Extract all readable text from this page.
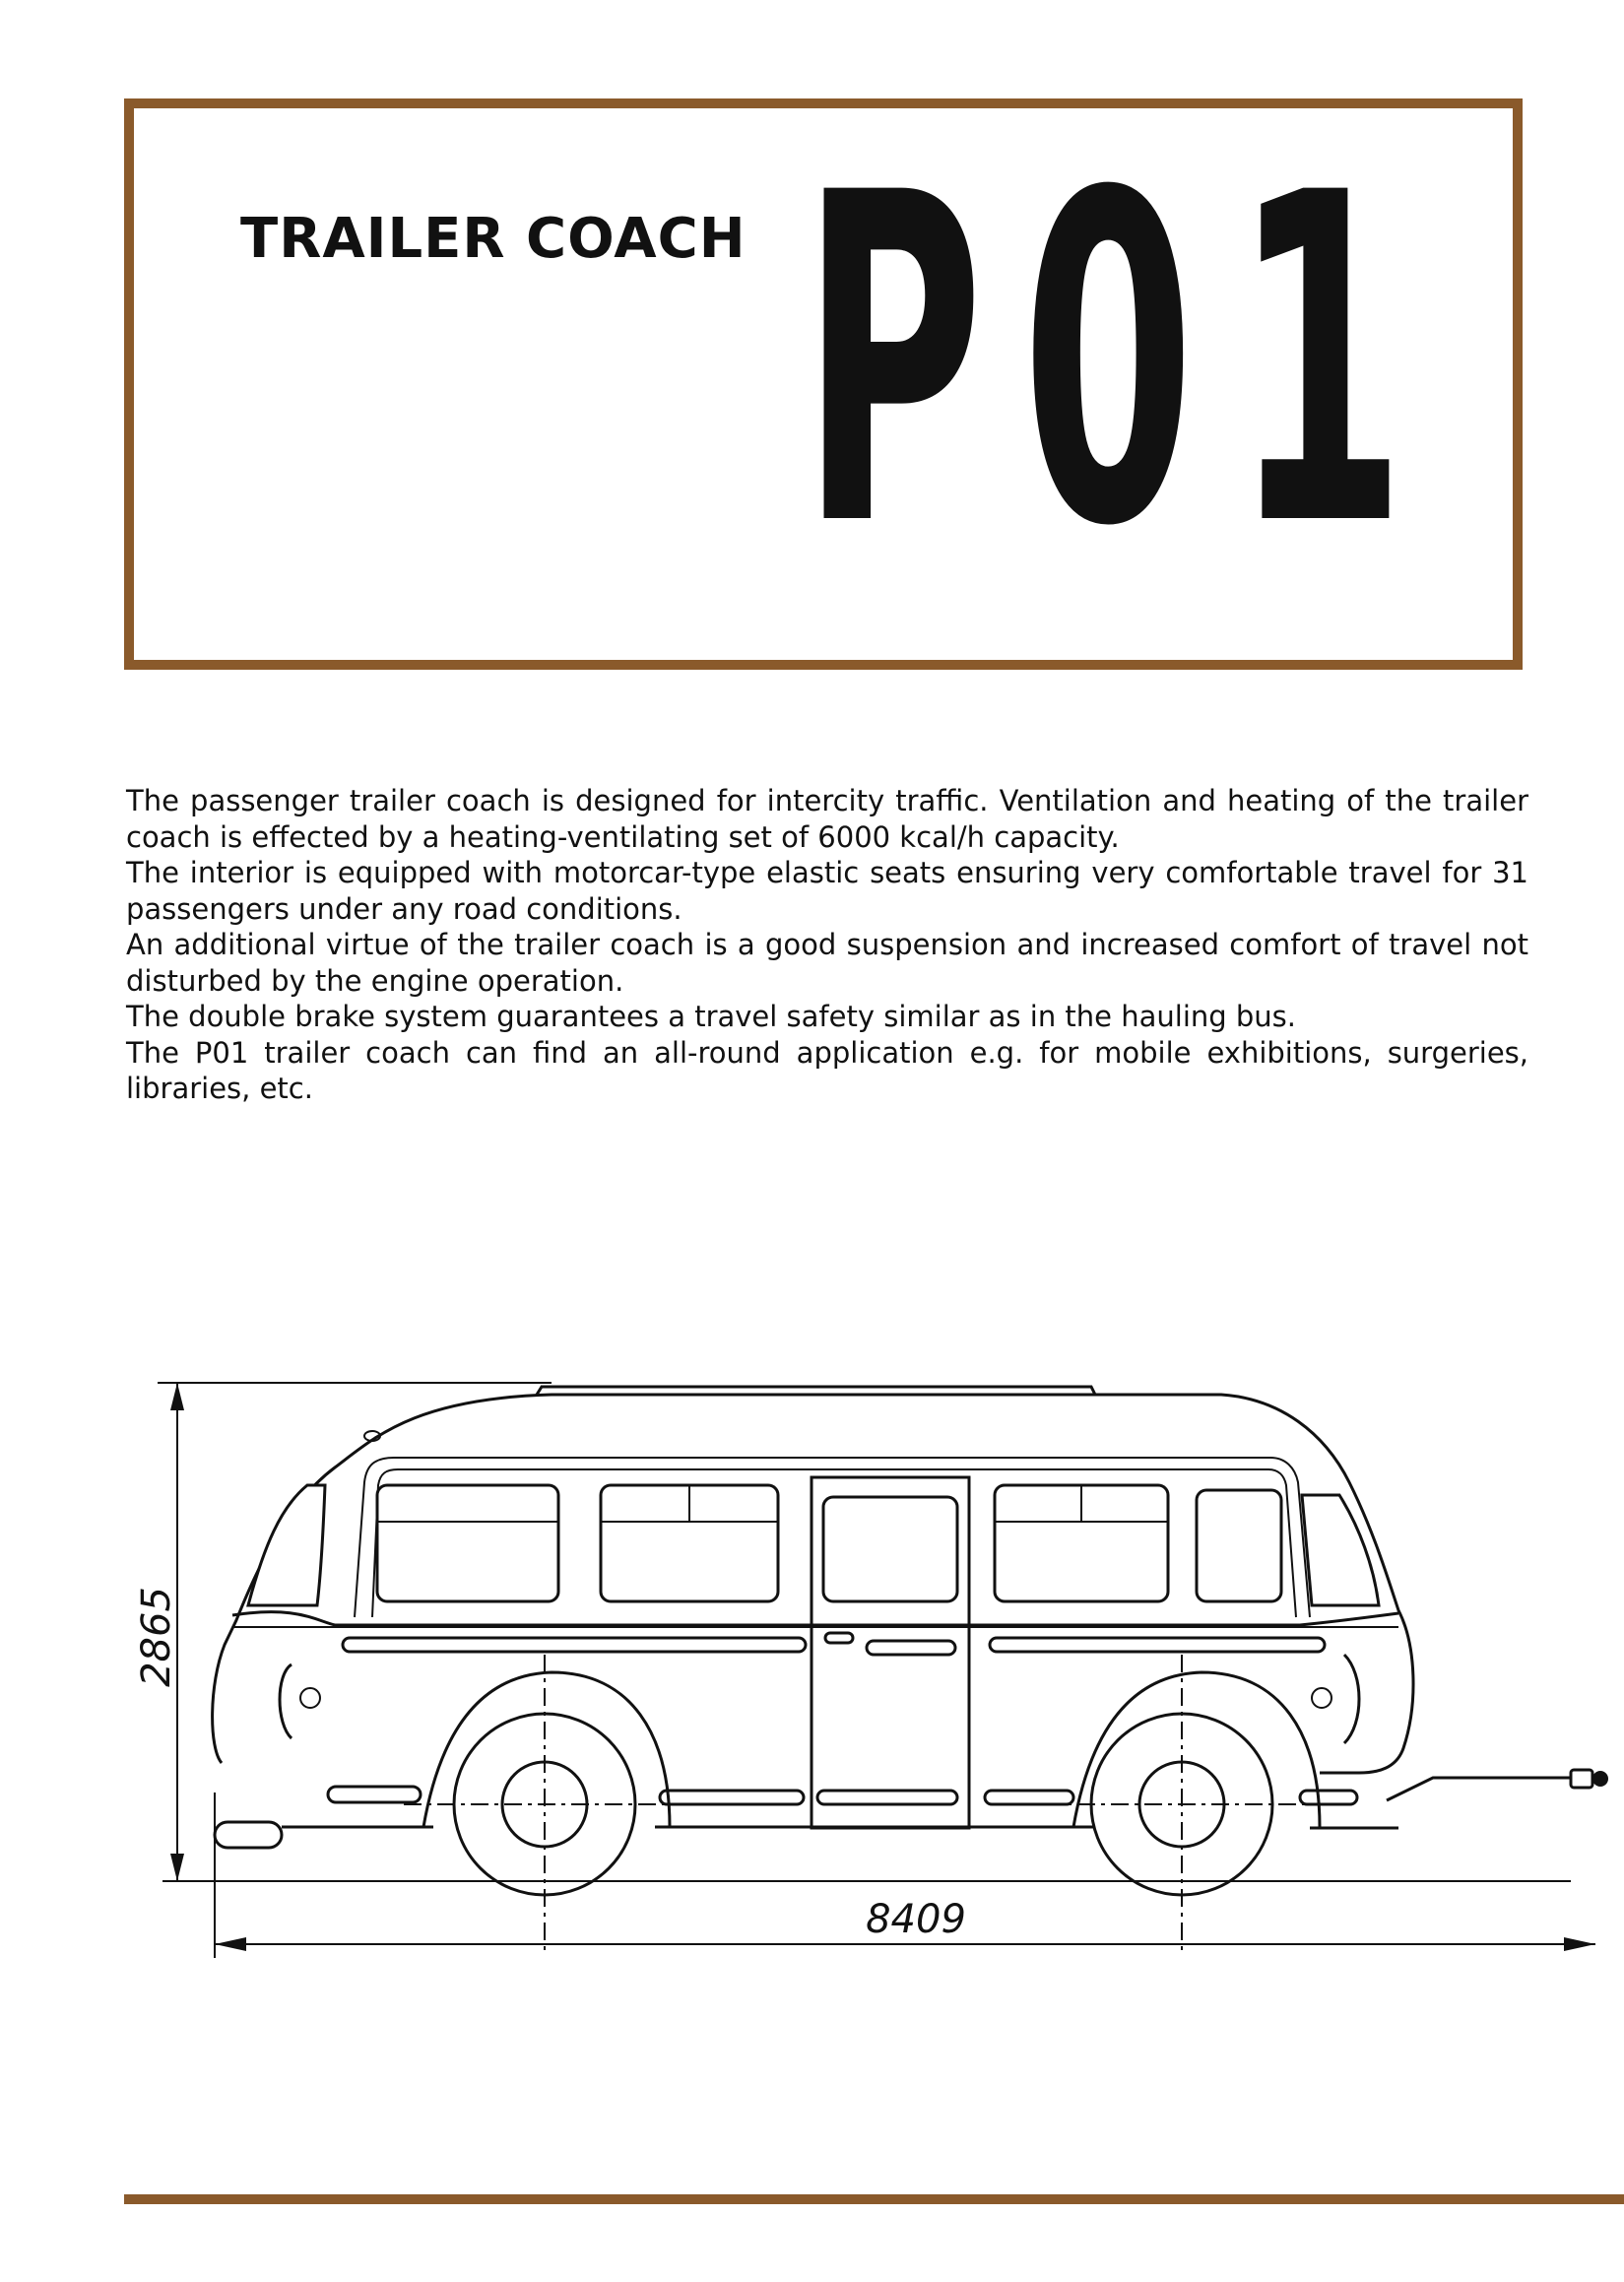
TRAILER COACH P01

The passenger trailer coach is designed for intercity traffic. Ventilation and heating of the trailer coach is effected by a heating-ventilating set of 6000 kcal/h capacity.

The interior is equipped with motorcar-type elastic seats ensuring very comfortable travel for 31 passengers under any road conditions.

An additional virtue of the trailer coach is a good suspension and increased comfort of travel not disturbed by the engine operation.

The double brake system guarantees a travel safety similar as in the hauling bus.

The P01 trailer coach can find an all-round application e.g. for mobile exhibitions, surgeries, libraries, etc.

2865
8409
